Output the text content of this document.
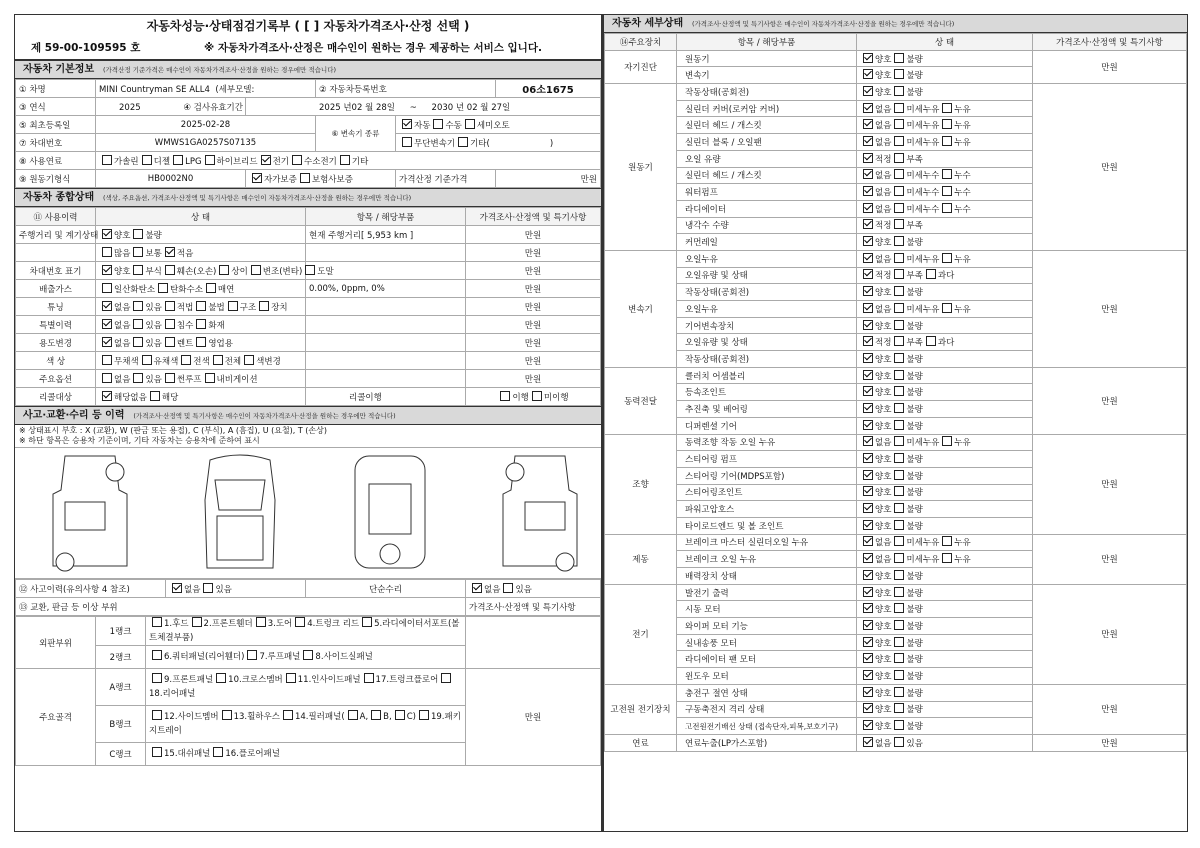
자동차성능·상태점검기록부 ( [ ] 자동차가격조사·산정 선택 )
제 59-00-109595 호	※ 자동차가격조사·산정은 매수인이 원하는 경우 제공하는 서비스 입니다.
자동차 기본정보 (가격산정 기준가격은 매수인이 자동차가격조사·산정을 원하는 경우에만 적습니다)
① 차명	MINI Countryman SE ALL4 (세부모델:		② 자동차등록번호		06소1675
③ 연식	2025 ④ 검사유효기간	2025 년02 월 28일 ~ 2030 년 02 월 27일			
⑤ 최초등록일	2025-02-28		⑥ 변속기 종류	자동 수동 세미오토	
⑦ 차대번호	WMWS1GA0257S07135			무단변속기 기타( )	
⑧ 사용연료	가솔린 디젤 LPG 하이브리드 전기 수소전기 기타				
⑨ 원동기형식	HB0002N0	자가보증 보험사보증		가격산정 기준가격	만원
자동차 종합상태 (색상, 주요옵션, 가격조사·산정액 및 특기사항은 매수인이 자동차가격조사·산정을 원하는 경우에만 적습니다)
⑪ 사용이력	상 태	항목 / 해당부품	가격조사·산정액 및 특기사항
주행거리 및 계기상태	양호 불량	현재 주행거리[ 5,953 km ]	만원
	많음 보통 적음		만원
차대번호 표기	양호 부식 훼손(오손) 상이 변조(변타) 도말		만원
배출가스	일산화탄소 탄화수소 매연	0.00%, 0ppm, 0%	만원
튜닝	없음 있음 적법 불법 구조 장치		만원
특별이력	없음 있음 침수 화재		만원
용도변경	없음 있음 렌트 영업용		만원
색 상	무채색 유채색 전색 전체 색변경		만원
주요옵션	없음 있음 썬루프 내비게이션		만원
리콜대상	해당없음 해당	리콜이행	이행 미이행
사고·교환·수리 등 이력 (가격조사·산정액 및 특기사항은 매수인이 자동차가격조사·산정을 원하는 경우에만 적습니다)
※ 상태표시 부호 : X (교환), W (판금 또는 용접), C (부식), A (흠집), U (요철), T (손상)
※ 하단 항목은 승용차 기준이며, 기타 자동차는 승용차에 준하여 표시
⑫ 사고이력(유의사항 4 참조)	없음 있음	단순수리	없음 있음
⑬ 교환, 판금 등 이상 부위			가격조사·산정액 및 특기사항
외판부위	1랭크	1.후드 2.프론트휀더 3.도어 4.트렁크 리드 5.라디에이터서포트(볼트체결부품)	
	2랭크	6.쿼터패널(리어휀더) 7.루프패널 8.사이드실패널	
주요골격	A랭크	9.프론트패널 10.크로스멤버 11.인사이드패널 17.트렁크플로어18.리어패널	만원
	B랭크	12.사이드멤버 13.휠하우스 14.필러패널( A, B, C) 19.패키지트레이	
	C랭크	15.대쉬패널 16.플로어패널	
자동차 세부상태 (가격조사·산정액 및 특기사항은 매수인이 자동차가격조사·산정을 원하는 경우에만 적습니다)
⑭주요장치	항목 / 해당부품	상 태	가격조사·산정액 및 특기사항
자기진단	원동기	양호 불량	만원
	변속기	양호 불량	
원동기	작동상태(공회전)	양호 불량	만원
	실린더 커버(로커암 커버)	없음 미세누유 누유	
	실린더 헤드 / 개스킷	없음 미세누유 누유	
	실린더 블록 / 오일팬	없음 미세누유 누유	
	오일 유량	적정 부족	
	실린더 헤드 / 개스킷	없음 미세누수 누수	
	워터펌프	없음 미세누수 누수	
	라디에이터	없음 미세누수 누수	
	냉각수 수량	적정 부족	
	커먼레일	양호 불량	
변속기	오일누유	없음 미세누유 누유	만원
	오일유량 및 상태	적정 부족 과다	
	작동상태(공회전)	양호 불량	
	오일누유	없음 미세누유 누유	
	기어변속장치	양호 불량	
	오일유량 및 상태	적정 부족 과다	
	작동상태(공회전)	양호 불량	
동력전달	클러치 어셈블리	양호 불량	만원
	등속조인트	양호 불량	
	추진축 및 베어링	양호 불량	
	디퍼렌셜 기어	양호 불량	
조향	동력조향 작동 오일 누유	없음 미세누유 누유	만원
	스티어링 펌프	양호 불량	
	스티어링 기어(MDPS포함)	양호 불량	
	스티어링조인트	양호 불량	
	파워고압호스	양호 불량	
	타이로드엔드 및 볼 조인트	양호 불량	
제동	브레이크 마스터 실린더오일 누유	없음 미세누유 누유	만원
	브레이크 오일 누유	없음 미세누유 누유	
	배력장치 상태	양호 불량	
전기	발전기 출력	양호 불량	만원
	시동 모터	양호 불량	
	와이퍼 모터 기능	양호 불량	
	실내송풍 모터	양호 불량	
	라디에이터 팬 모터	양호 불량	
	윈도우 모터	양호 불량	
고전원 전기장치	충전구 절연 상태	양호 불량	만원
	구동축전지 격리 상태	양호 불량	
	고전원전기배선 상태 (접속단자,피복,보호기구)	양호 불량	
연료	연료누출(LP가스포함)	없음 있음	만원
